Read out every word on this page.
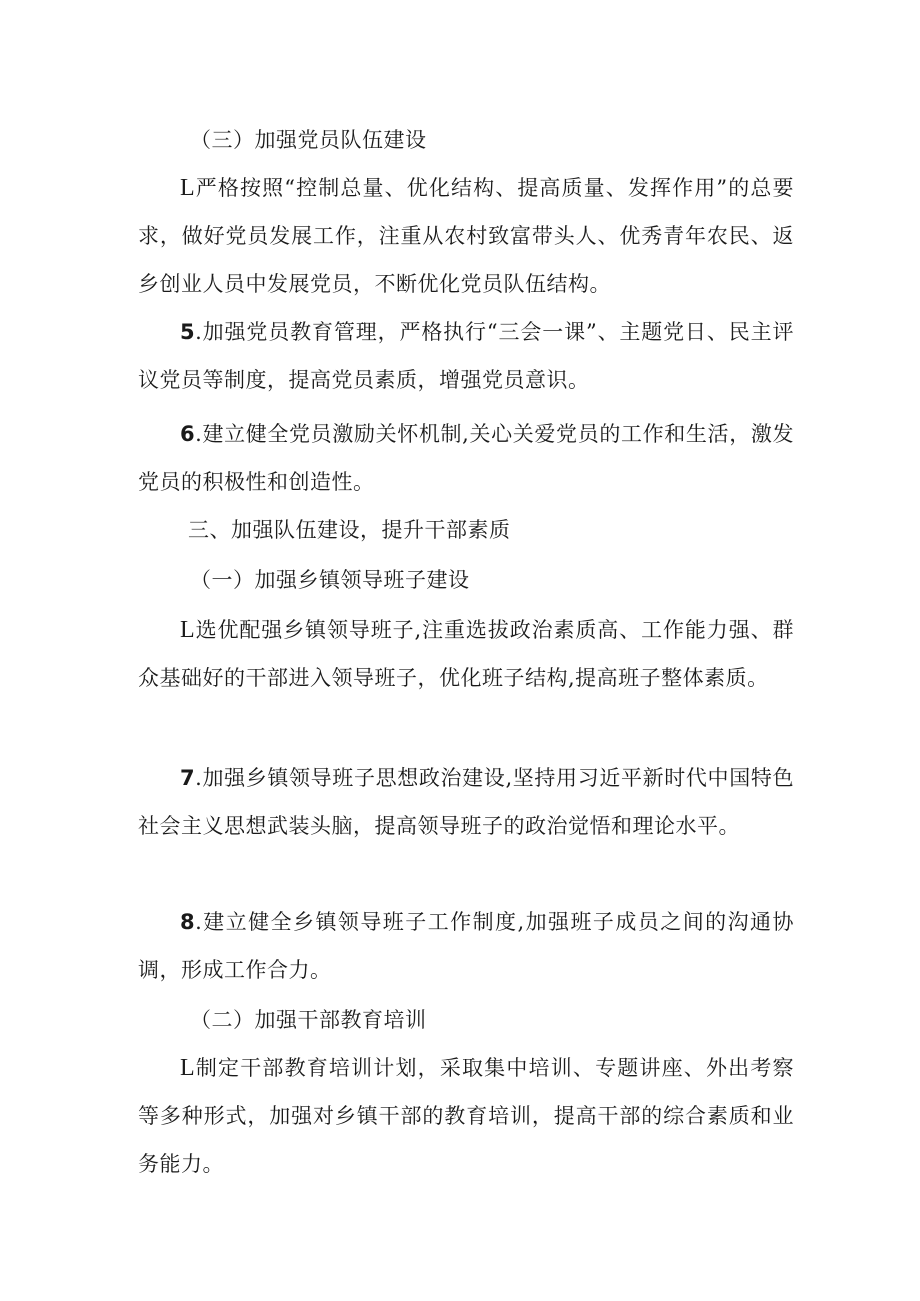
（三）加强党员队伍建设

L严格按照“控制总量、优化结构、提高质量、发挥作用”的总要求，做好党员发展工作，注重从农村致富带头人、优秀青年农民、返乡创业人员中发展党员，不断优化党员队伍结构。

5.加强党员教育管理，严格执行“三会一课”、主题党日、民主评议党员等制度，提高党员素质，增强党员意识。

6.建立健全党员激励关怀机制,关心关爱党员的工作和生活，激发党员的积极性和创造性。

三、加强队伍建设，提升干部素质

（一）加强乡镇领导班子建设

L选优配强乡镇领导班子,注重选拔政治素质高、工作能力强、群众基础好的干部进入领导班子，优化班子结构,提高班子整体素质。

7.加强乡镇领导班子思想政治建设,坚持用习近平新时代中国特色社会主义思想武装头脑，提高领导班子的政治觉悟和理论水平。

8.建立健全乡镇领导班子工作制度,加强班子成员之间的沟通协调，形成工作合力。

（二）加强干部教育培训

L制定干部教育培训计划，采取集中培训、专题讲座、外出考察等多种形式，加强对乡镇干部的教育培训，提高干部的综合素质和业务能力。
